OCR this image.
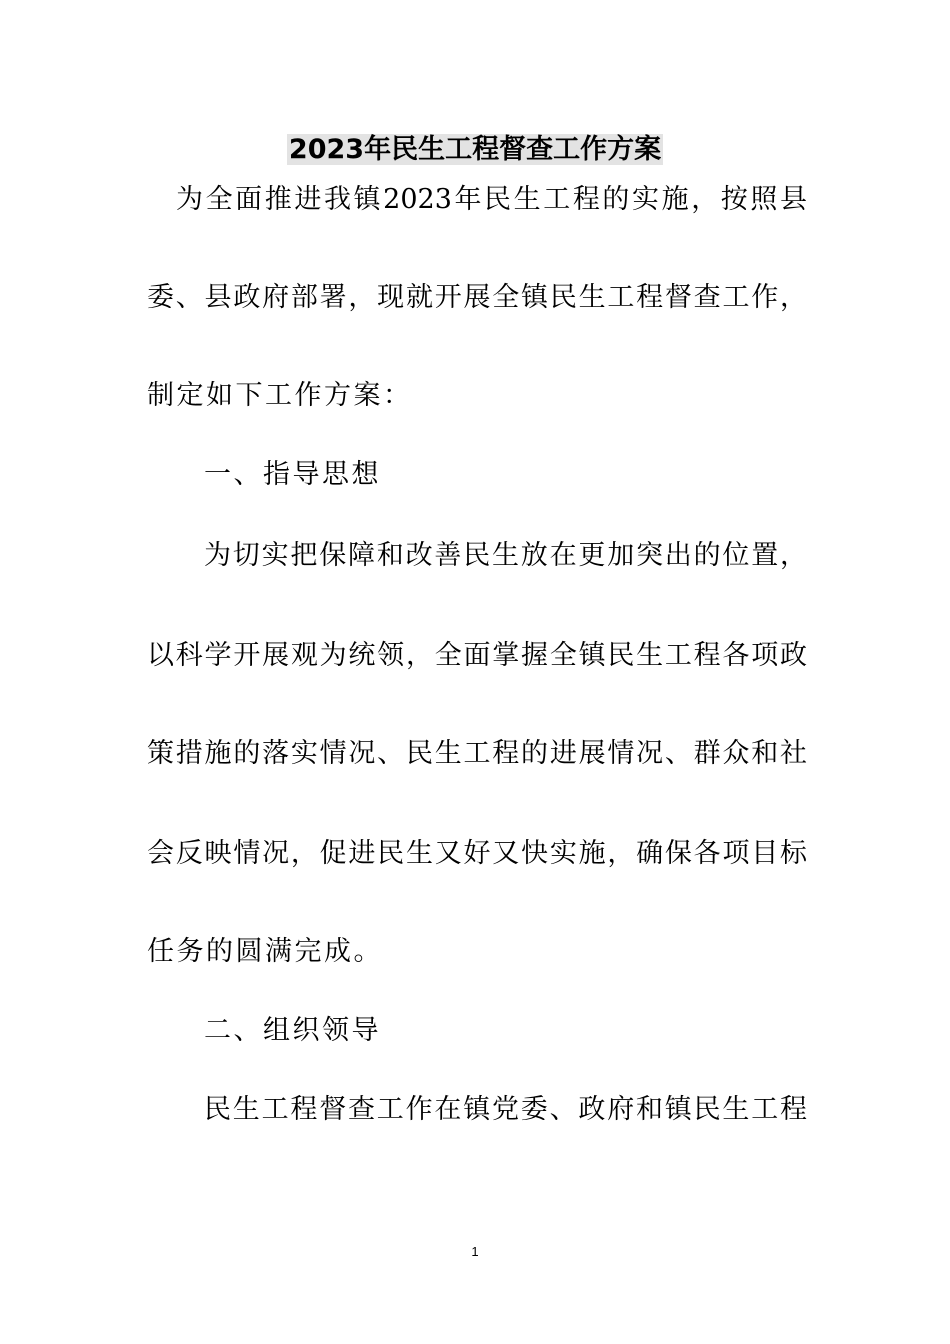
2023年民生工程督查工作方案

为全面推进我镇2023年民生工程的实施，按照县

委、县政府部署，现就开展全镇民生工程督查工作，

制定如下工作方案：

一、指导思想

为切实把保障和改善民生放在更加突出的位置，

以科学开展观为统领，全面掌握全镇民生工程各项政

策措施的落实情况、民生工程的进展情况、群众和社

会反映情况，促进民生又好又快实施，确保各项目标

任务的圆满完成。

二、组织领导

民生工程督查工作在镇党委、政府和镇民生工程

1
